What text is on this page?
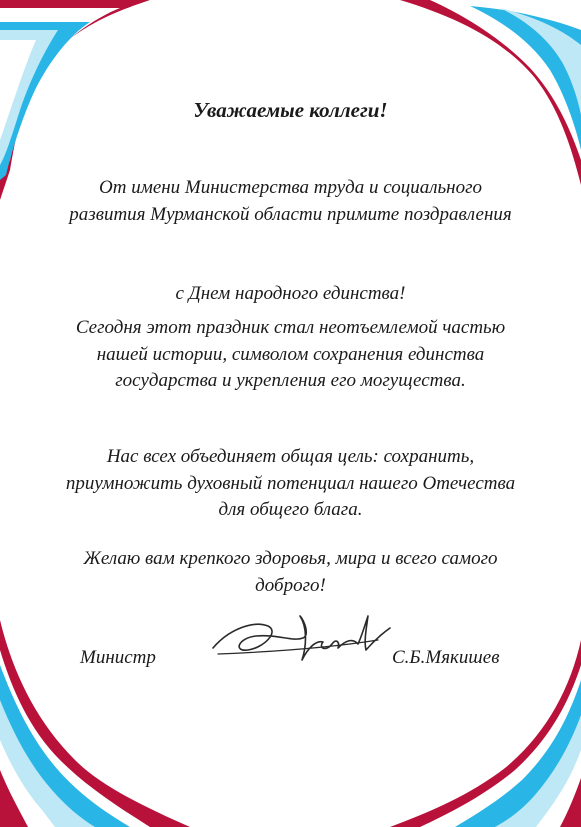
Уважаемые коллеги!
От имени Министерства труда и социального развития Мурманской области примите поздравления
с Днем народного единства!
Сегодня этот праздник стал неотъемлемой частью нашей истории, символом сохранения единства государства и укрепления его могущества.
Нас всех объединяет общая цель: сохранить, приумножить духовный потенциал нашего Отечества для общего блага.
Желаю вам крепкого здоровья, мира и всего самого доброго!
Министр	С.Б.Мякишев
